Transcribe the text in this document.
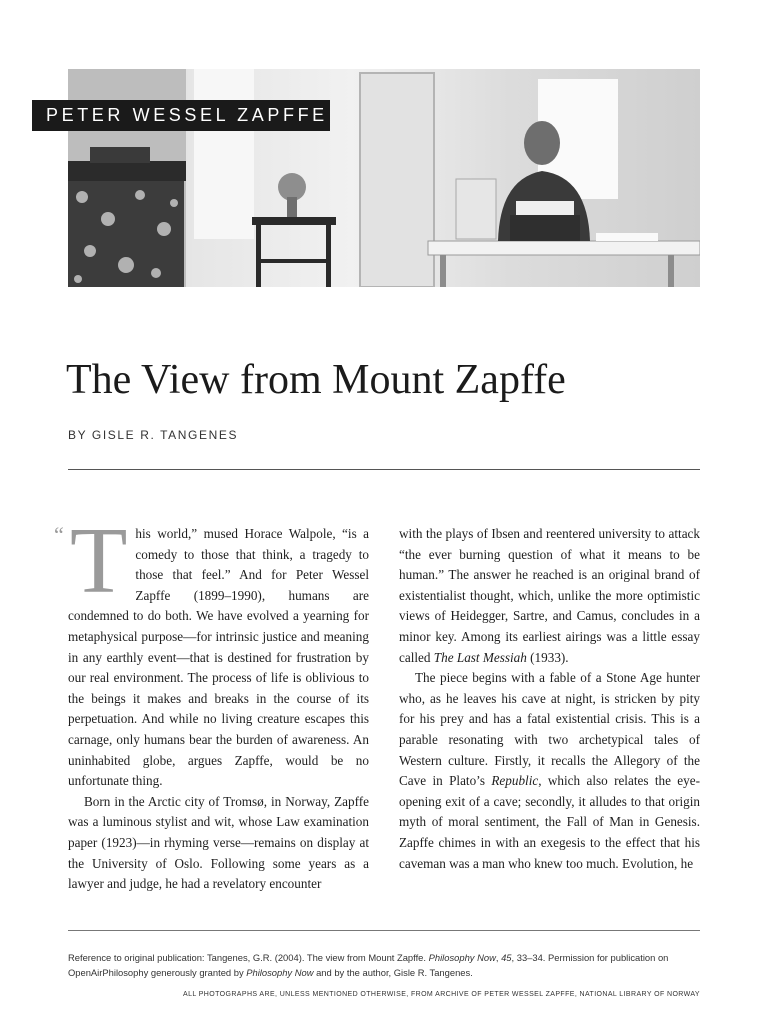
PETER WESSEL ZAPFFE
The View from Mount Zapffe
BY GISLE R. TANGENES
“ This world,” mused Horace Walpole, “is a comedy to those that think, a tragedy to those that feel.” And for Peter Wessel Zapffe (1899–1990), humans are condemned to do both. We have evolved a yearning for metaphysical purpose—for intrinsic justice and meaning in any earthly event—that is destined for frustration by our real environment. The process of life is oblivious to the beings it makes and breaks in the course of its perpetuation. And while no living creature escapes this carnage, only humans bear the burden of awareness. An uninhabited globe, argues Zapffe, would be no unfortunate thing.

Born in the Arctic city of Tromsø, in Norway, Zapffe was a luminous stylist and wit, whose Law examination paper (1923)—in rhyming verse—remains on display at the University of Oslo. Following some years as a lawyer and judge, he had a revelatory encounter

with the plays of Ibsen and reentered university to attack “the ever burning question of what it means to be human.” The answer he reached is an original brand of existentialist thought, which, unlike the more optimistic views of Heidegger, Sartre, and Camus, concludes in a minor key. Among its earliest airings was a little essay called The Last Messiah (1933).

The piece begins with a fable of a Stone Age hunter who, as he leaves his cave at night, is stricken by pity for his prey and has a fatal existential crisis. This is a parable resonating with two archetypical tales of Western culture. Firstly, it recalls the Allegory of the Cave in Plato’s Republic, which also relates the eye-opening exit of a cave; secondly, it alludes to that origin myth of moral sentiment, the Fall of Man in Genesis. Zapffe chimes in with an exegesis to the effect that his caveman was a man who knew too much. Evolution, he

Reference to original publication: Tangenes, G.R. (2004). The view from Mount Zapffe. Philosophy Now, 45, 33–34. Permission for publication on OpenAirPhilosophy generously granted by Philosophy Now and by the author, Gisle R. Tangenes.
ALL PHOTOGRAPHS ARE, UNLESS MENTIONED OTHERWISE, FROM ARCHIVE OF PETER WESSEL ZAPFFE, NATIONAL LIBRARY OF NORWAY
